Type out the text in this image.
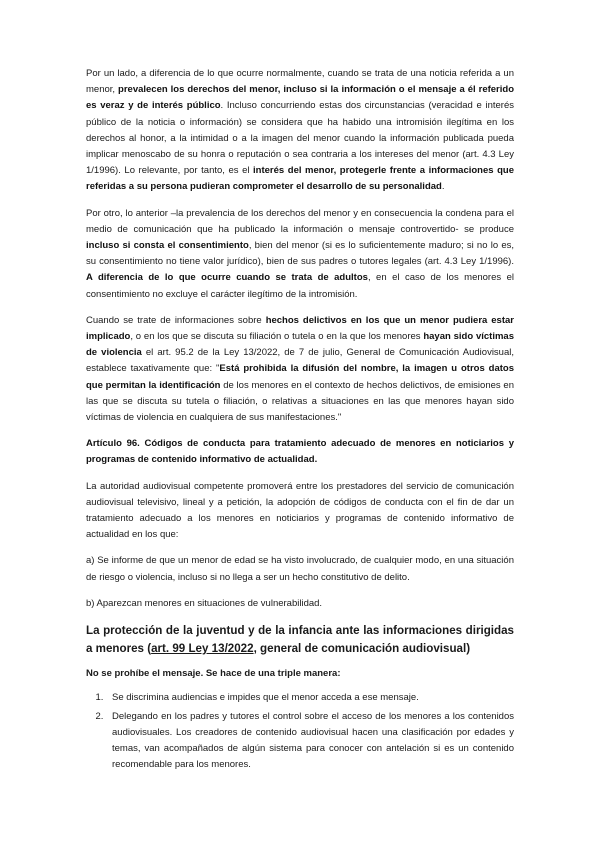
Por un lado, a diferencia de lo que ocurre normalmente, cuando se trata de una noticia referida a un menor, prevalecen los derechos del menor, incluso si la información o el mensaje a él referido es veraz y de interés público. Incluso concurriendo estas dos circunstancias (veracidad e interés público de la noticia o información) se considera que ha habido una intromisión ilegítima en los derechos al honor, a la intimidad o a la imagen del menor cuando la información publicada pueda implicar menoscabo de su honra o reputación o sea contraria a los intereses del menor (art. 4.3 Ley 1/1996). Lo relevante, por tanto, es el interés del menor, protegerle frente a informaciones que referidas a su persona pudieran comprometer el desarrollo de su personalidad.

Por otro, lo anterior –la prevalencia de los derechos del menor y en consecuencia la condena para el medio de comunicación que ha publicado la información o mensaje controvertido- se produce incluso si consta el consentimiento, bien del menor (si es lo suficientemente maduro; si no lo es, su consentimiento no tiene valor jurídico), bien de sus padres o tutores legales (art. 4.3 Ley 1/1996). A diferencia de lo que ocurre cuando se trata de adultos, en el caso de los menores el consentimiento no excluye el carácter ilegítimo de la intromisión.

Cuando se trate de informaciones sobre hechos delictivos en los que un menor pudiera estar implicado, o en los que se discuta su filiación o tutela o en la que los menores hayan sido víctimas de violencia el art. 95.2 de la Ley 13/2022, de 7 de julio, General de Comunicación Audiovisual, establece taxativamente que: "Está prohibida la difusión del nombre, la imagen u otros datos que permitan la identificación de los menores en el contexto de hechos delictivos, de emisiones en las que se discuta su tutela o filiación, o relativas a situaciones en las que menores hayan sido víctimas de violencia en cualquiera de sus manifestaciones."

Artículo 96. Códigos de conducta para tratamiento adecuado de menores en noticiarios y programas de contenido informativo de actualidad.

La autoridad audiovisual competente promoverá entre los prestadores del servicio de comunicación audiovisual televisivo, lineal y a petición, la adopción de códigos de conducta con el fin de dar un tratamiento adecuado a los menores en noticiarios y programas de contenido informativo de actualidad en los que:

a) Se informe de que un menor de edad se ha visto involucrado, de cualquier modo, en una situación de riesgo o violencia, incluso si no llega a ser un hecho constitutivo de delito.

b) Aparezcan menores en situaciones de vulnerabilidad.

La protección de la juventud y de la infancia ante las informaciones dirigidas a menores (art. 99 Ley 13/2022, general de comunicación audiovisual)

No se prohíbe el mensaje. Se hace de una triple manera:

1. Se discrimina audiencias e impides que el menor acceda a ese mensaje.
2. Delegando en los padres y tutores el control sobre el acceso de los menores a los contenidos audiovisuales. Los creadores de contenido audiovisual hacen una clasificación por edades y temas, van acompañados de algún sistema para conocer con antelación si es un contenido recomendable para los menores.
